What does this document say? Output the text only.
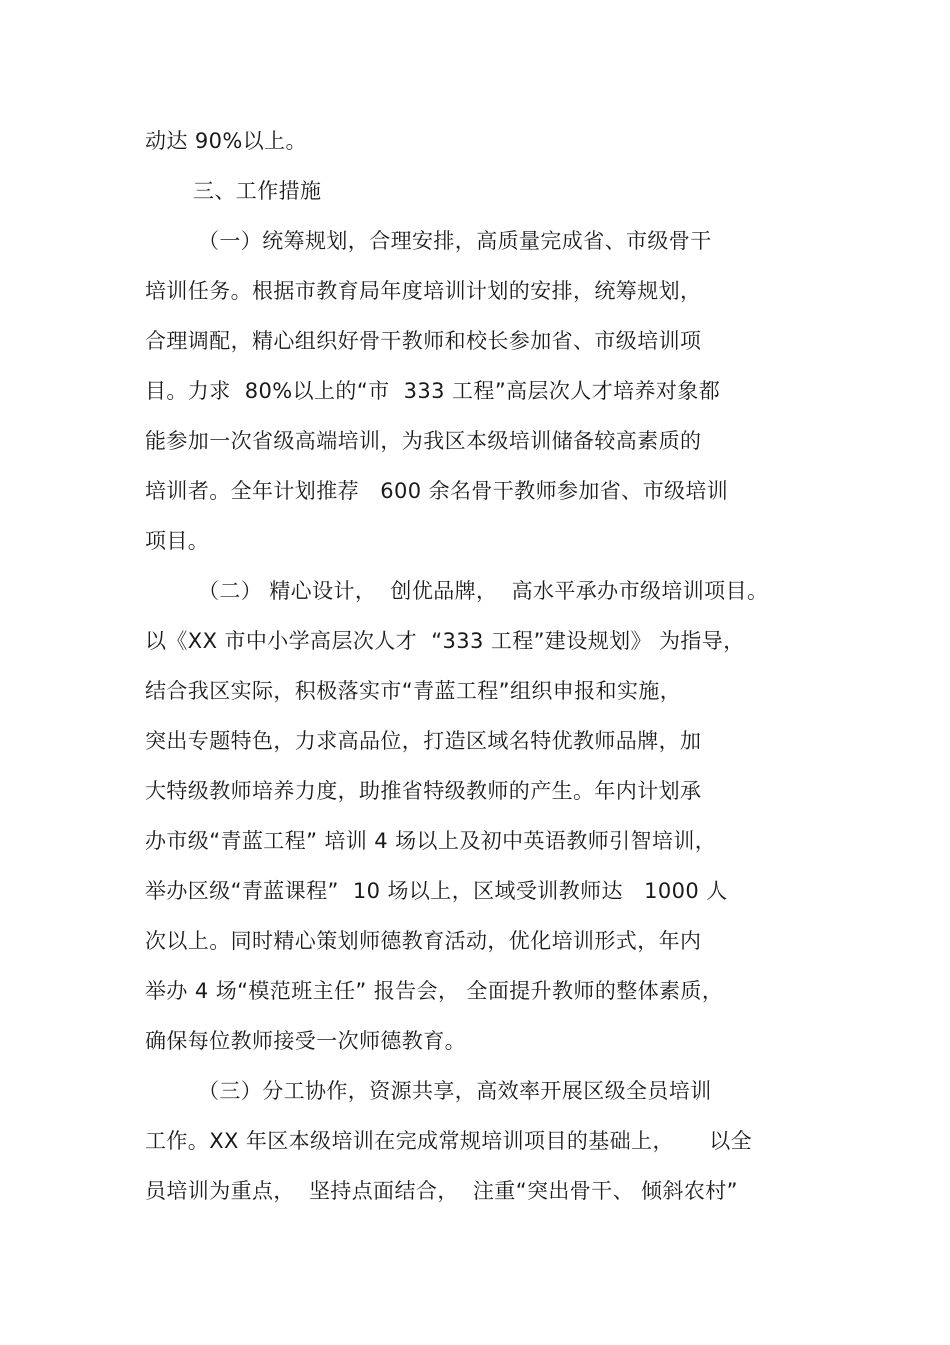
动达 90%以上。
三、工作措施
（一）统筹规划，合理安排，高质量完成省、市级骨干
培训任务。根据市教育局年度培训计划的安排，统筹规划，
合理调配，精心组织好骨干教师和校长参加省、市级培训项
目。力求  80%以上的“市  333 工程”高层次人才培养对象都
能参加一次省级高端培训，为我区本级培训储备较高素质的
培训者。全年计划推荐   600 余名骨干教师参加省、市级培训
项目。
（二） 精心设计，  创优品牌，  高水平承办市级培训项目。
以《XX 市中小学高层次人才  “333 工程”建设规划》 为指导，
结合我区实际，积极落实市“青蓝工程”组织申报和实施，
突出专题特色，力求高品位，打造区域名特优教师品牌，加
大特级教师培养力度，助推省特级教师的产生。年内计划承
办市级“青蓝工程” 培训 4 场以上及初中英语教师引智培训，
举办区级“青蓝课程”  10 场以上，区域受训教师达   1000 人
次以上。同时精心策划师德教育活动，优化培训形式，年内
举办 4 场“模范班主任” 报告会， 全面提升教师的整体素质，
确保每位教师接受一次师德教育。
（三）分工协作，资源共享，高效率开展区级全员培训
工作。XX 年区本级培训在完成常规培训项目的基础上，     以全
员培训为重点，  坚持点面结合，  注重“突出骨干、 倾斜农村”
